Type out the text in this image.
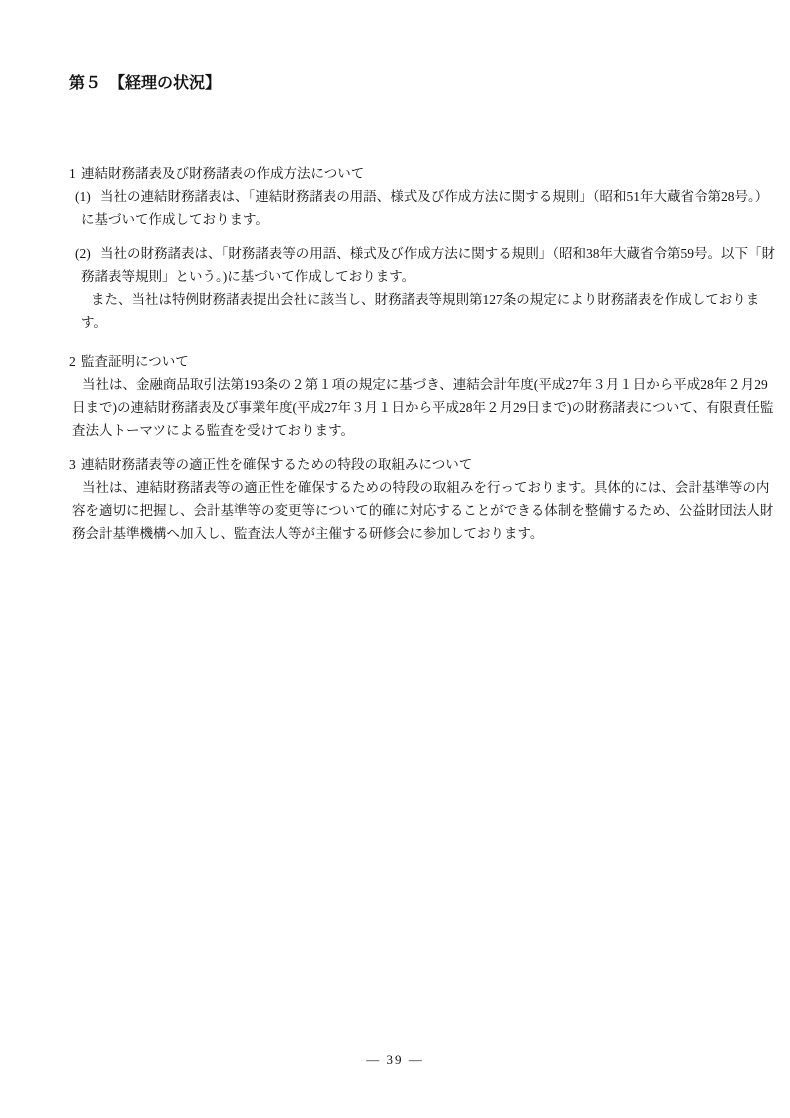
第５　【経理の状況】
1 連結財務諸表及び財務諸表の作成方法について
(1) 当社の連結財務諸表は、「連結財務諸表の用語、様式及び作成方法に関する規則」（昭和51年大蔵省令第28号。）
に基づいて作成しております。
(2) 当社の財務諸表は、「財務諸表等の用語、様式及び作成方法に関する規則」（昭和38年大蔵省令第59号。以下「財
務諸表等規則」という。)に基づいて作成しております。
また、当社は特例財務諸表提出会社に該当し、財務諸表等規則第127条の規定により財務諸表を作成しておりま
す。
2 監査証明について
当社は、金融商品取引法第193条の２第１項の規定に基づき、連結会計年度(平成27年３月１日から平成28年２月29
日まで)の連結財務諸表及び事業年度(平成27年３月１日から平成28年２月29日まで)の財務諸表について、有限責任監
査法人トーマツによる監査を受けております。
3 連結財務諸表等の適正性を確保するための特段の取組みについて
当社は、連結財務諸表等の適正性を確保するための特段の取組みを行っております。具体的には、会計基準等の内
容を適切に把握し、会計基準等の変更等について的確に対応することができる体制を整備するため、公益財団法人財
務会計基準機構へ加入し、監査法人等が主催する研修会に参加しております。
― 39 ―
